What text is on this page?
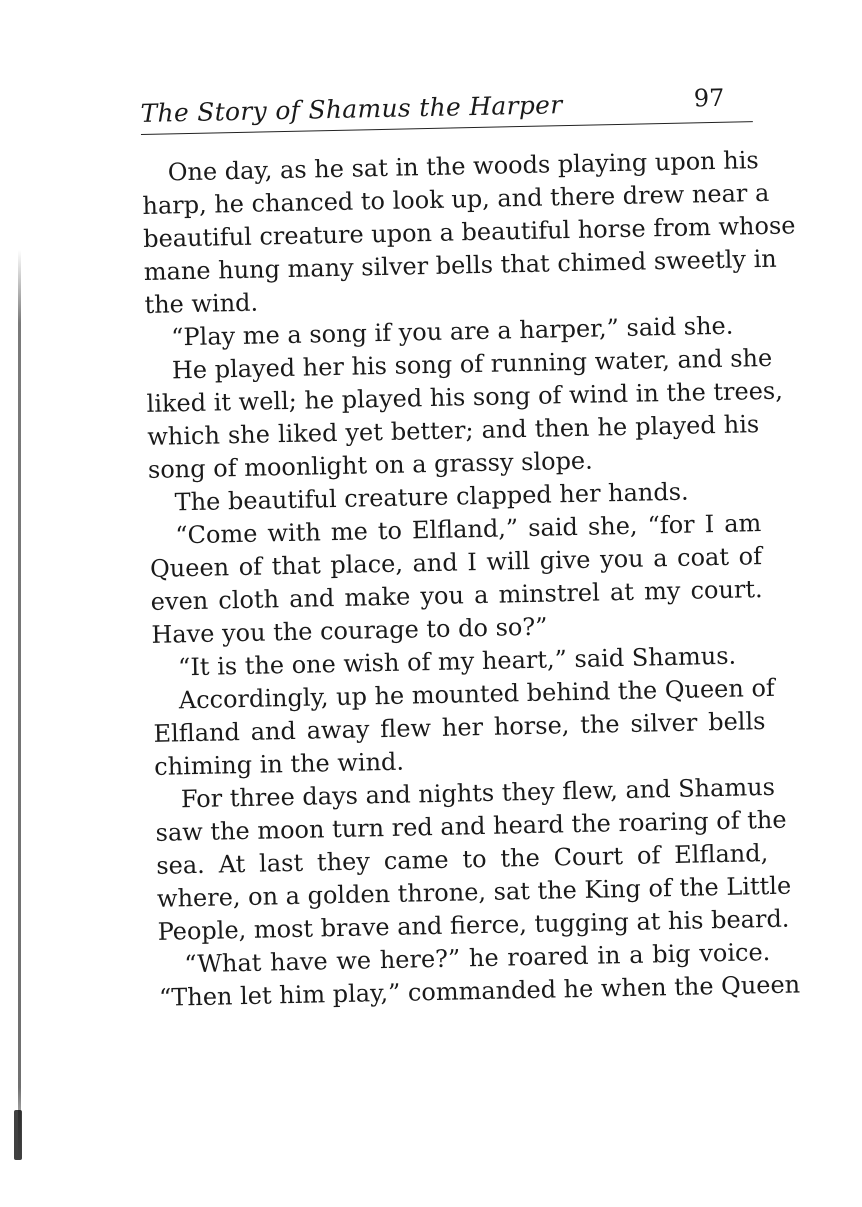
The Story of Shamus the Harper	97
One day, as he sat in the woods playing upon his
harp, he chanced to look up, and there drew near a
beautiful creature upon a beautiful horse from whose
mane hung many silver bells that chimed sweetly in
the wind.
“Play me a song if you are a harper,” said she.
He played her his song of running water, and she
liked it well; he played his song of wind in the trees,
which she liked yet better; and then he played his
song of moonlight on a grassy slope.
The beautiful creature clapped her hands.
“Come with me to Elfland,” said she, “for I am
Queen of that place, and I will give you a coat of
even cloth and make you a minstrel at my court.
Have you the courage to do so?”
“It is the one wish of my heart,” said Shamus.
Accordingly, up he mounted behind the Queen of
Elfland and away flew her horse, the silver bells
chiming in the wind.
For three days and nights they flew, and Shamus
saw the moon turn red and heard the roaring of the
sea. At last they came to the Court of Elfland,
where, on a golden throne, sat the King of the Little
People, most brave and fierce, tugging at his beard.
“What have we here?” he roared in a big voice.
“Then let him play,” commanded he when the Queen
